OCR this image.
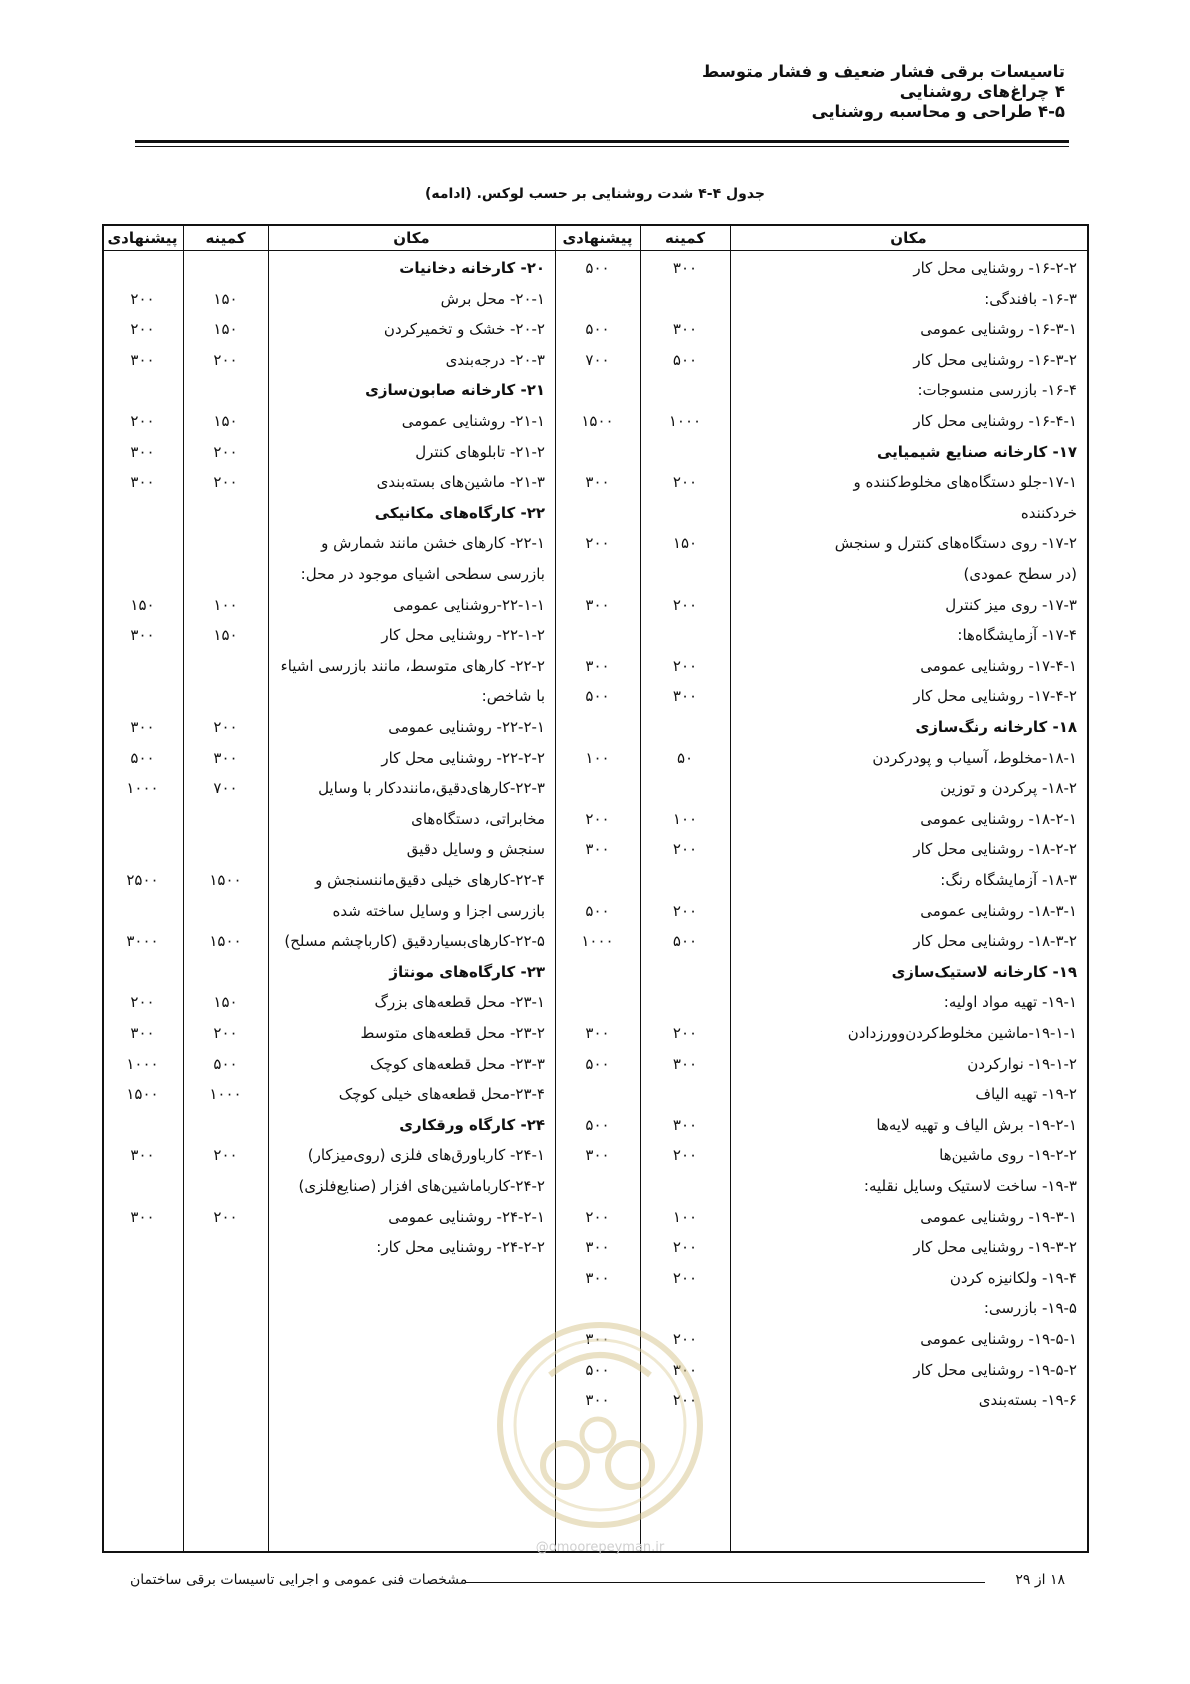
تاسیسات برقی فشار ضعیف و فشار متوسط
۴ چراغ‌های روشنایی
۴-۵ طراحی و محاسبه روشنایی
جدول ۴-۴ شدت روشنایی بر حسب لوکس. (ادامه)
مکان
کمینه
پیشنهادی
مکان
کمینه
پیشنهادی
۱۶-۲-۲- روشنایی محل کار
۳۰۰
۵۰۰
۱۶-۳- بافندگی:
۱۶-۳-۱- روشنایی عمومی
۳۰۰
۵۰۰
۱۶-۳-۲- روشنایی محل کار
۵۰۰
۷۰۰
۱۶-۴- بازرسی منسوجات:
۱۶-۴-۱- روشنایی محل کار
۱۰۰۰
۱۵۰۰
۱۷- کارخانه صنایع شیمیایی
۱۷-۱-جلو دستگاه‌های مخلوط‌کننده و
۲۰۰
۳۰۰
خردکننده
۱۷-۲- روی دستگاه‌های کنترل و سنجش
۱۵۰
۲۰۰
(در سطح عمودی)
۱۷-۳- روی میز کنترل
۲۰۰
۳۰۰
۱۷-۴- آزمایشگاه‌ها:
۱۷-۴-۱- روشنایی عمومی
۲۰۰
۳۰۰
۱۷-۴-۲- روشنایی محل کار
۳۰۰
۵۰۰
۱۸- کارخانه رنگ‌سازی
۱۸-۱-مخلوط، آسیاب و پودرکردن
۵۰
۱۰۰
۱۸-۲- پرکردن و توزین
۱۸-۲-۱- روشنایی عمومی
۱۰۰
۲۰۰
۱۸-۲-۲- روشنایی محل کار
۲۰۰
۳۰۰
۱۸-۳- آزمایشگاه رنگ:
۱۸-۳-۱- روشنایی عمومی
۲۰۰
۵۰۰
۱۸-۳-۲- روشنایی محل کار
۵۰۰
۱۰۰۰
۱۹- کارخانه لاستیک‌سازی
۱۹-۱- تهیه مواد اولیه:
۱۹-۱-۱-ماشین مخلوط‌کردن‌وورزدادن
۲۰۰
۳۰۰
۱۹-۱-۲- نوارکردن
۳۰۰
۵۰۰
۱۹-۲- تهیه الیاف
۱۹-۲-۱- برش الیاف و تهیه لایه‌ها
۳۰۰
۵۰۰
۱۹-۲-۲- روی ماشین‌ها
۲۰۰
۳۰۰
۱۹-۳- ساخت لاستیک وسایل نقلیه:
۱۹-۳-۱- روشنایی عمومی
۱۰۰
۲۰۰
۱۹-۳-۲- روشنایی محل کار
۲۰۰
۳۰۰
۱۹-۴- ولکانیزه کردن
۲۰۰
۳۰۰
۱۹-۵- بازرسی:
۱۹-۵-۱- روشنایی عمومی
۲۰۰
۳۰۰
۱۹-۵-۲- روشنایی محل کار
۳۰۰
۵۰۰
۱۹-۶- بسته‌بندی
۲۰۰
۳۰۰
۲۰- کارخانه دخانیات
۲۰-۱- محل برش
۱۵۰
۲۰۰
۲۰-۲- خشک و تخمیرکردن
۱۵۰
۲۰۰
۲۰-۳- درجه‌بندی
۲۰۰
۳۰۰
۲۱- کارخانه صابون‌سازی
۲۱-۱- روشنایی عمومی
۱۵۰
۲۰۰
۲۱-۲- تابلوهای کنترل
۲۰۰
۳۰۰
۲۱-۳- ماشین‌های بسته‌بندی
۲۰۰
۳۰۰
۲۲- کارگاه‌های مکانیکی
۲۲-۱- کارهای خشن مانند شمارش و
بازرسی سطحی اشیای موجود در محل:
۲۲-۱-۱-روشنایی عمومی
۱۰۰
۱۵۰
۲۲-۱-۲- روشنایی محل کار
۱۵۰
۳۰۰
۲۲-۲- کارهای متوسط، مانند بازرسی اشیاء
با شاخص:
۲۲-۲-۱- روشنایی عمومی
۲۰۰
۳۰۰
۲۲-۲-۲- روشنایی محل کار
۳۰۰
۵۰۰
۲۲-۳-کارهای‌دقیق،ماننددکار با وسایل
۷۰۰
۱۰۰۰
مخابراتی، دستگاه‌های
سنجش و وسایل دقیق
۲۲-۴-کارهای خیلی دقیق‌ماننسنجش و
۱۵۰۰
۲۵۰۰
بازرسی اجزا و وسایل ساخته شده
۲۲-۵-کارهای‌بسیاردقیق (کارباچشم مسلح)
۱۵۰۰
۳۰۰۰
۲۳- کارگاه‌های مونتاژ
۲۳-۱- محل قطعه‌های بزرگ
۱۵۰
۲۰۰
۲۳-۲- محل قطعه‌های متوسط
۲۰۰
۳۰۰
۲۳-۳- محل قطعه‌های کوچک
۵۰۰
۱۰۰۰
۲۳-۴-محل قطعه‌های خیلی کوچک
۱۰۰۰
۱۵۰۰
۲۴- کارگاه ورقکاری
۲۴-۱- کارباورق‌های فلزی (روی‌میزکار)
۲۰۰
۳۰۰
۲۴-۲-کارباماشین‌های افزار (صنایع‌فلزی)
۲۴-۲-۱- روشنایی عمومی
۲۰۰
۳۰۰
۲۴-۲-۲- روشنایی محل کار:
@omoorepeyman.ir
مشخصات فنی عمومی و اجرایی تاسیسات برقی ساختمان	۱۸ از ۲۹
